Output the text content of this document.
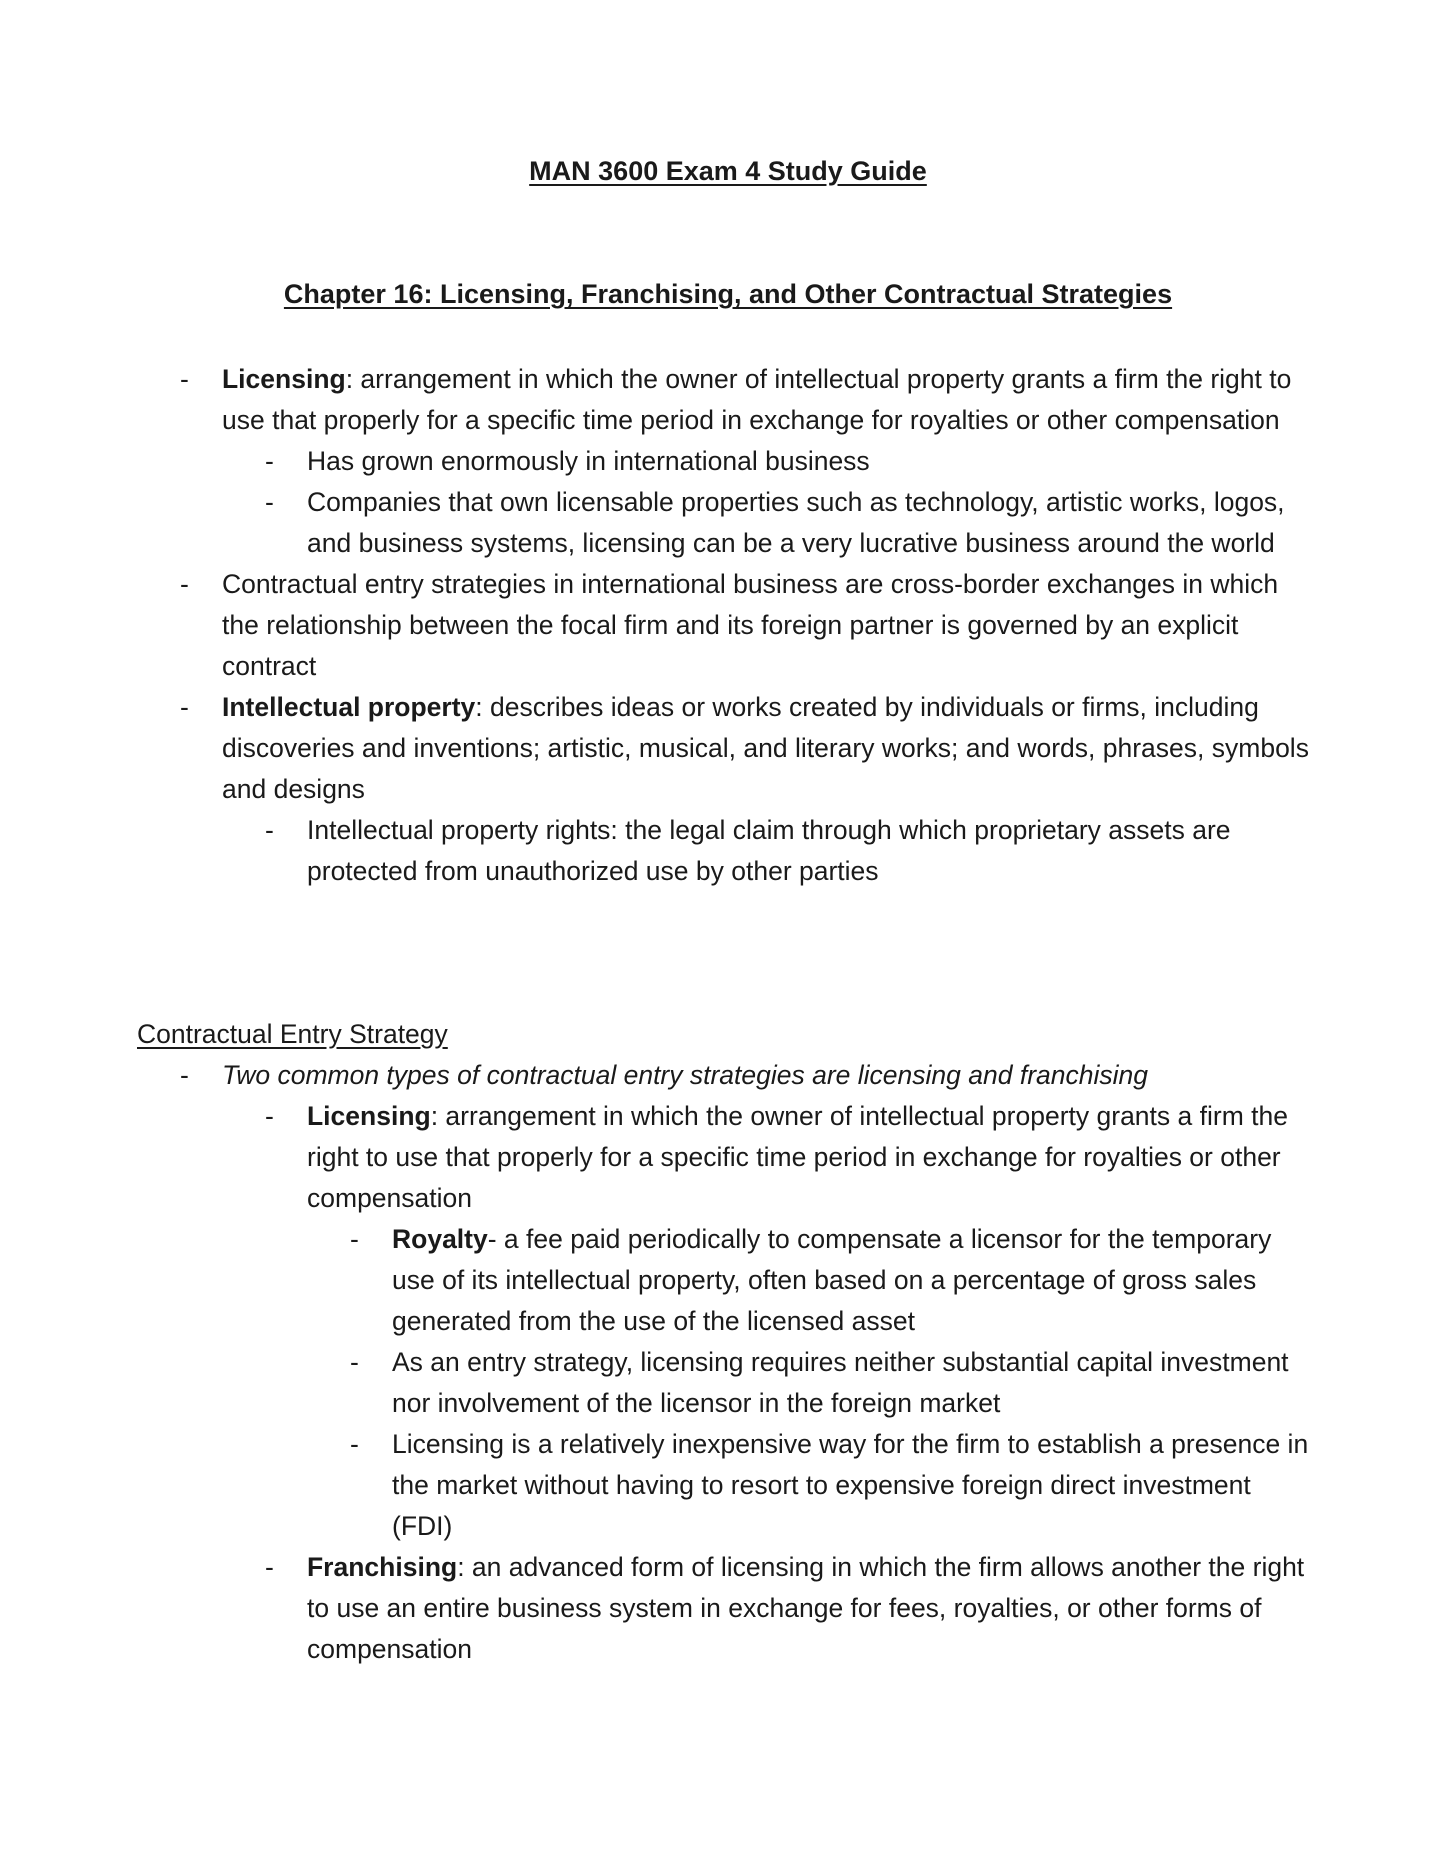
MAN 3600 Exam 4 Study Guide
Chapter 16: Licensing, Franchising, and Other Contractual Strategies
-	Licensing: arrangement in which the owner of intellectual property grants a firm the right to use that properly for a specific time period in exchange for royalties or other compensation
-	Has grown enormously in international business
-	Companies that own licensable properties such as technology, artistic works, logos, and business systems, licensing can be a very lucrative business around the world
-	Contractual entry strategies in international business are cross-border exchanges in which the relationship between the focal firm and its foreign partner is governed by an explicit contract
-	Intellectual property: describes ideas or works created by individuals or firms, including discoveries and inventions; artistic, musical, and literary works; and words, phrases, symbols and designs
-	Intellectual property rights: the legal claim through which proprietary assets are protected from unauthorized use by other parties
Contractual Entry Strategy
-	Two common types of contractual entry strategies are licensing and franchising
-	Licensing: arrangement in which the owner of intellectual property grants a firm the right to use that properly for a specific time period in exchange for royalties or other compensation
-	Royalty- a fee paid periodically to compensate a licensor for the temporary use of its intellectual property, often based on a percentage of gross sales generated from the use of the licensed asset
-	As an entry strategy, licensing requires neither substantial capital investment nor involvement of the licensor in the foreign market
-	Licensing is a relatively inexpensive way for the firm to establish a presence in the market without having to resort to expensive foreign direct investment (FDI)
-	Franchising: an advanced form of licensing in which the firm allows another the right to use an entire business system in exchange for fees, royalties, or other forms of compensation
